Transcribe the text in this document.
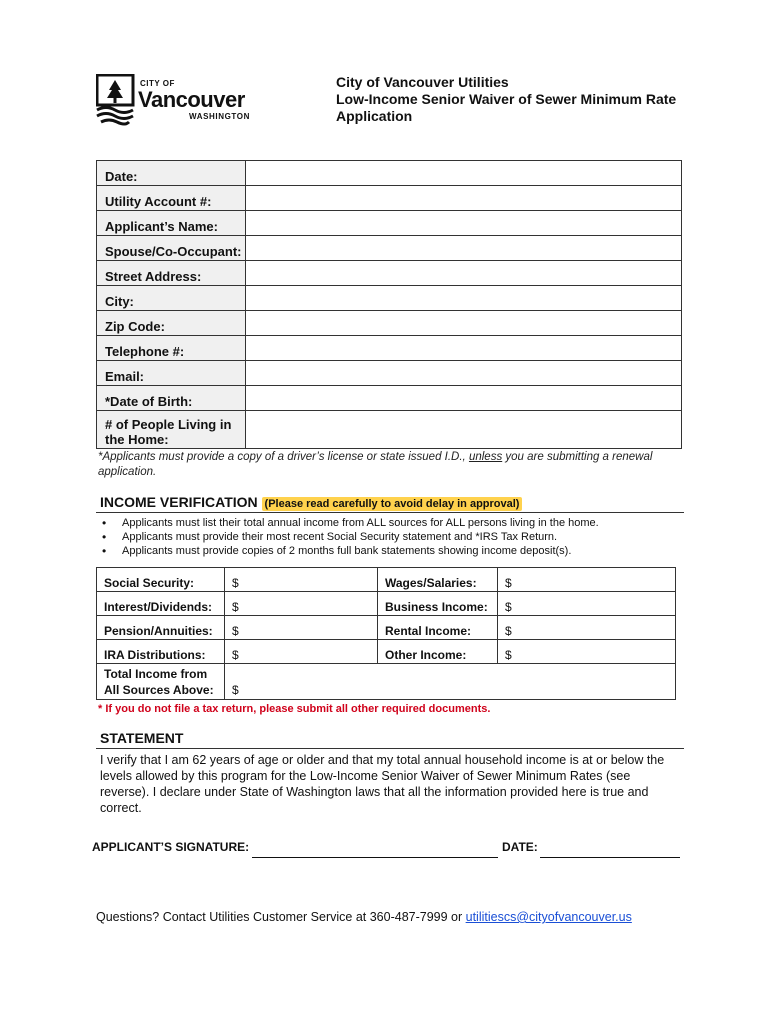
CITY OF
Vancouver
WASHINGTON
City of Vancouver Utilities
Low-Income Senior Waiver of Sewer Minimum Rate
Application
Date:	
Utility Account #:	
Applicant’s Name:	
Spouse/Co-Occupant:	
Street Address:	
City:	
Zip Code:	
Telephone #:	
Email:	
*Date of Birth:	
# of People Living in the Home:	
*Applicants must provide a copy of a driver’s license or state issued I.D., unless you are submitting a renewal application.
INCOME VERIFICATION (Please read carefully to avoid delay in approval)
• Applicants must list their total annual income from ALL sources for ALL persons living in the home.
• Applicants must provide their most recent Social Security statement and *IRS Tax Return.
• Applicants must provide copies of 2 months full bank statements showing income deposit(s).
Social Security:	$	Wages/Salaries:	$
Interest/Dividends:	$	Business Income:	$
Pension/Annuities:	$	Rental Income:	$
IRA Distributions:	$	Other Income:	$
Total Income from All Sources Above:	$		
* If you do not file a tax return, please submit all other required documents.
STATEMENT
I verify that I am 62 years of age or older and that my total annual household income is at or below the levels allowed by this program for the Low-Income Senior Waiver of Sewer Minimum Rates (see reverse). I declare under State of Washington laws that all the information provided here is true and correct.
APPLICANT’S SIGNATURE:	DATE:
Questions? Contact Utilities Customer Service at 360-487-7999 or utilitiescs@cityofvancouver.us
